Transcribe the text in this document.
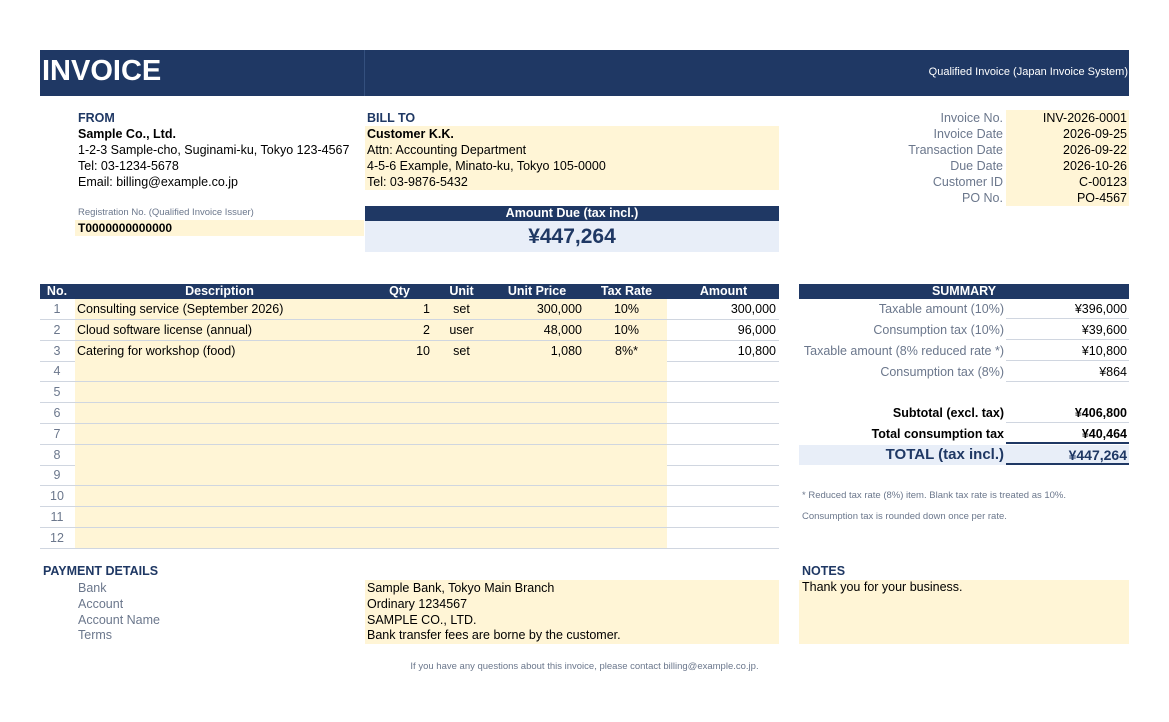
INVOICE	Qualified Invoice (Japan Invoice System)
FROM
Sample Co., Ltd.
1-2-3 Sample-cho, Suginami-ku, Tokyo 123-4567
Tel: 03-1234-5678
Email: billing@example.co.jp
Registration No. (Qualified Invoice Issuer)
T0000000000000
BILL TO
Customer K.K.
Attn: Accounting Department
4-5-6 Example, Minato-ku, Tokyo 105-0000
Tel: 03-9876-5432
Invoice No.	INV-2026-0001
Invoice Date	2026-09-25
Transaction Date	2026-09-22
Due Date	2026-10-26
Customer ID	C-00123
PO No.	PO-4567
Amount Due (tax incl.)
¥447,264
No.	Description	Qty	Unit	Unit Price	Tax Rate	Amount
1	Consulting service (September 2026)	1	set	300,000	10%	300,000
2	Cloud software license (annual)	2	user	48,000	10%	96,000
3	Catering for workshop (food)	10	set	1,080	8%*	10,800
4
5
6
7
8
9
10
11
12
SUMMARY
Taxable amount (10%)	¥396,000
Consumption tax (10%)	¥39,600
Taxable amount (8% reduced rate *)	¥10,800
Consumption tax (8%)	¥864
Subtotal (excl. tax)	¥406,800
Total consumption tax	¥40,464
TOTAL (tax incl.)	¥447,264
* Reduced tax rate (8%) item. Blank tax rate is treated as 10%.
Consumption tax is rounded down once per rate.
PAYMENT DETAILS
Bank	Sample Bank, Tokyo Main Branch
Account	Ordinary 1234567
Account Name	SAMPLE CO., LTD.
Terms	Bank transfer fees are borne by the customer.
NOTES
Thank you for your business.
If you have any questions about this invoice, please contact billing@example.co.jp.
